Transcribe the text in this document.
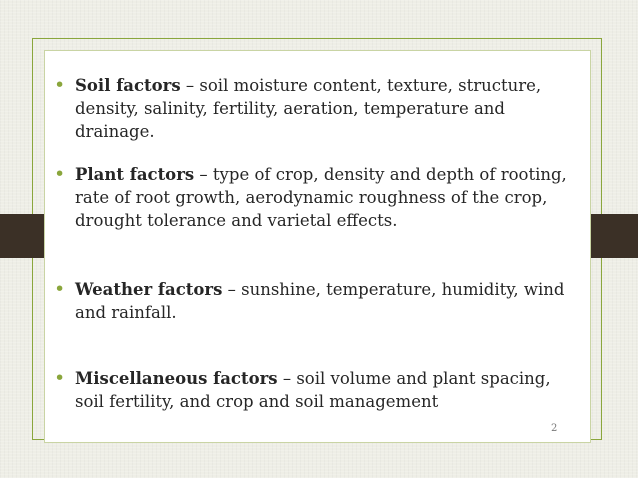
• Soil factors – soil moisture content, texture, structure, density, salinity, fertility, aeration, temperature and drainage.
• Plant factors – type of crop, density and depth of rooting, rate of root growth, aerodynamic roughness of the crop, drought tolerance and varietal effects.
• Weather factors – sunshine, temperature, humidity, wind and rainfall.
• Miscellaneous factors – soil volume and plant spacing, soil fertility, and crop and soil management
2
